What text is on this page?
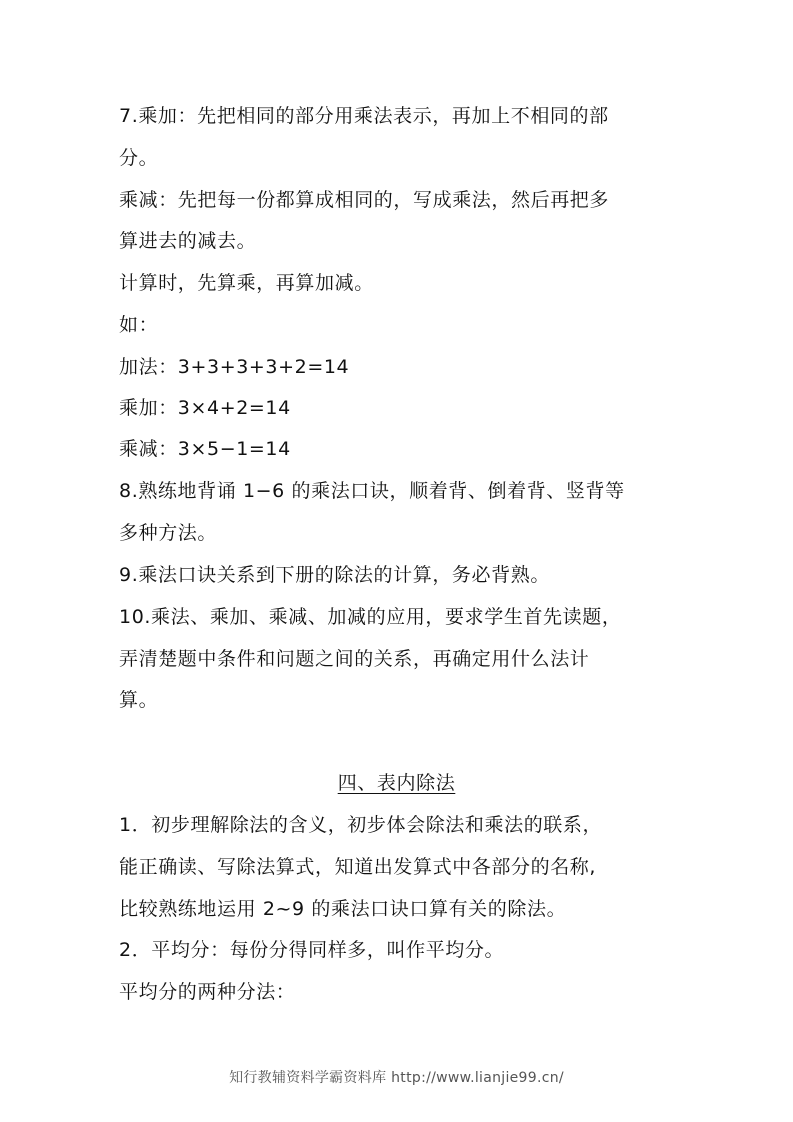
7.乘加：先把相同的部分用乘法表示，再加上不相同的部
分。
乘减：先把每一份都算成相同的，写成乘法，然后再把多
算进去的减去。
计算时，先算乘，再算加减。
如：
加法：3+3+3+3+2=14
乘加：3×4+2=14
乘减：3×5−1=14
8.熟练地背诵 1−6 的乘法口诀，顺着背、倒着背、竖背等
多种方法。
9.乘法口诀关系到下册的除法的计算，务必背熟。
10.乘法、乘加、乘减、加减的应用，要求学生首先读题，
弄清楚题中条件和问题之间的关系，再确定用什么法计
算。
四、表内除法
1．初步理解除法的含义，初步体会除法和乘法的联系，
能正确读、写除法算式，知道出发算式中各部分的名称,
比较熟练地运用 2~9 的乘法口诀口算有关的除法。
2．平均分：每份分得同样多，叫作平均分。
平均分的两种分法：
知行教辅资料学霸资料库 http://www.lianjie99.cn/
